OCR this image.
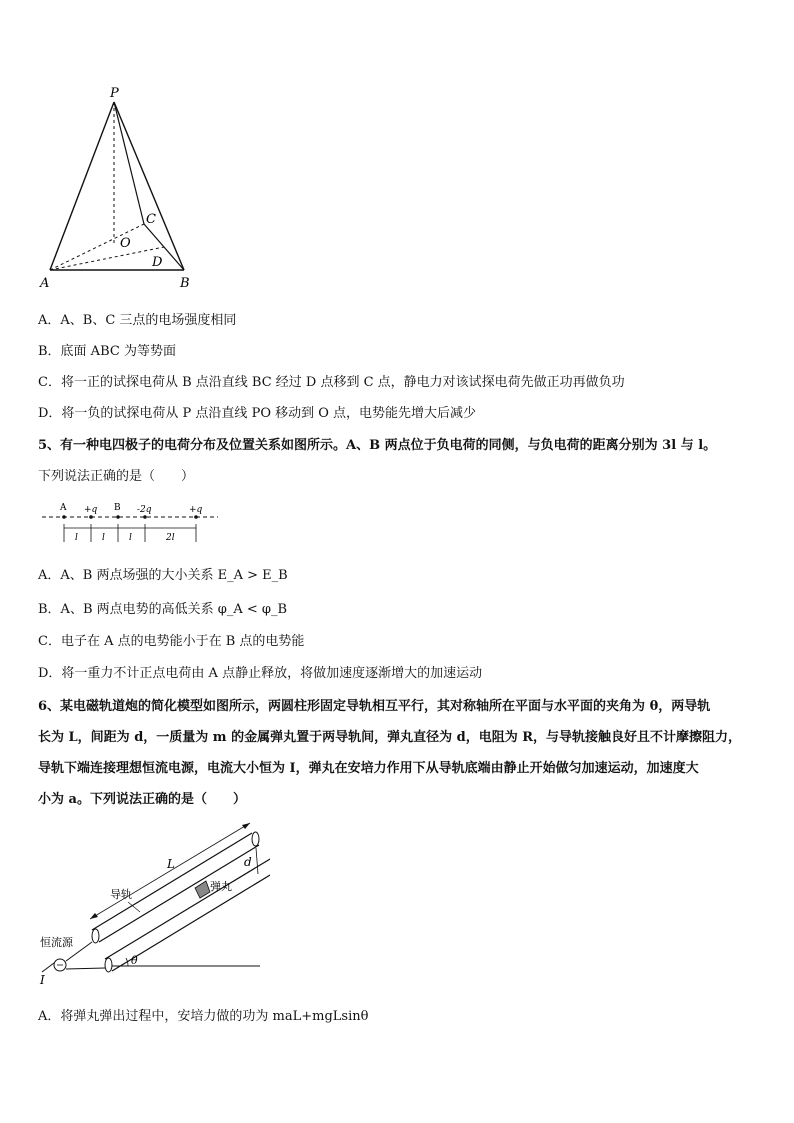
P
A	B
C
O
D
A．A、B、C 三点的电场强度相同
B．底面 ABC 为等势面
C．将一正的试探电荷从 B 点沿直线 BC 经过 D 点移到 C 点，静电力对该试探电荷先做正功再做负功
D．将一负的试探电荷从 P 点沿直线 PO 移动到 O 点，电势能先增大后减少
5、有一种电四极子的电荷分布及位置关系如图所示。A、B 两点位于负电荷的同侧，与负电荷的距离分别为 3l 与 l。
下列说法正确的是（　　）
A +q B -2q	+q
l	l	l	2l
A．A、B 两点场强的大小关系 E_A > E_B
B．A、B 两点电势的高低关系 φ_A < φ_B
C．电子在 A 点的电势能小于在 B 点的电势能
D．将一重力不计正点电荷由 A 点静止释放，将做加速度逐渐增大的加速运动
6、某电磁轨道炮的简化模型如图所示，两圆柱形固定导轨相互平行，其对称轴所在平面与水平面的夹角为 θ，两导轨
长为 L，间距为 d，一质量为 m 的金属弹丸置于两导轨间，弹丸直径为 d，电阻为 R，与导轨接触良好且不计摩擦阻力，
导轨下端连接理想恒流电源，电流大小恒为 I，弹丸在安培力作用下从导轨底端由静止开始做匀加速运动，加速度大
小为 a。下列说法正确的是（　　）
L	d
导轨
弹丸
恒流源
I
θ
A．将弹丸弹出过程中，安培力做的功为 maL+mgLsinθ
